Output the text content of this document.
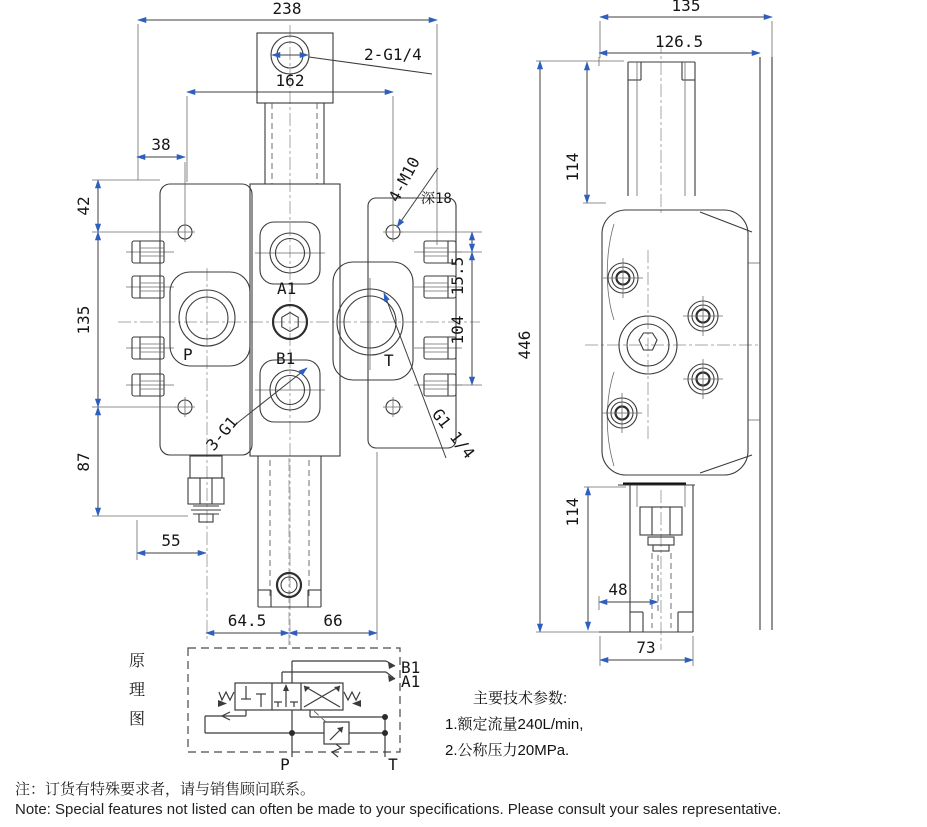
238
162
38
42
135
87
55
64.5	66
15.5
104
2-G1/4
4-M10
深18
3-G1	G1 1/4
P
A1
B1	T
135
126.5
114
446
114
48
73
原
理
图
B1
A1
P	T
主要技术参数:
1.额定流量240L/min,
2.公称压力20MPa.
注：订货有特殊要求者，请与销售顾问联系。
Note: Special features not listed can often be made to your specifications. Please consult your sales representative.
